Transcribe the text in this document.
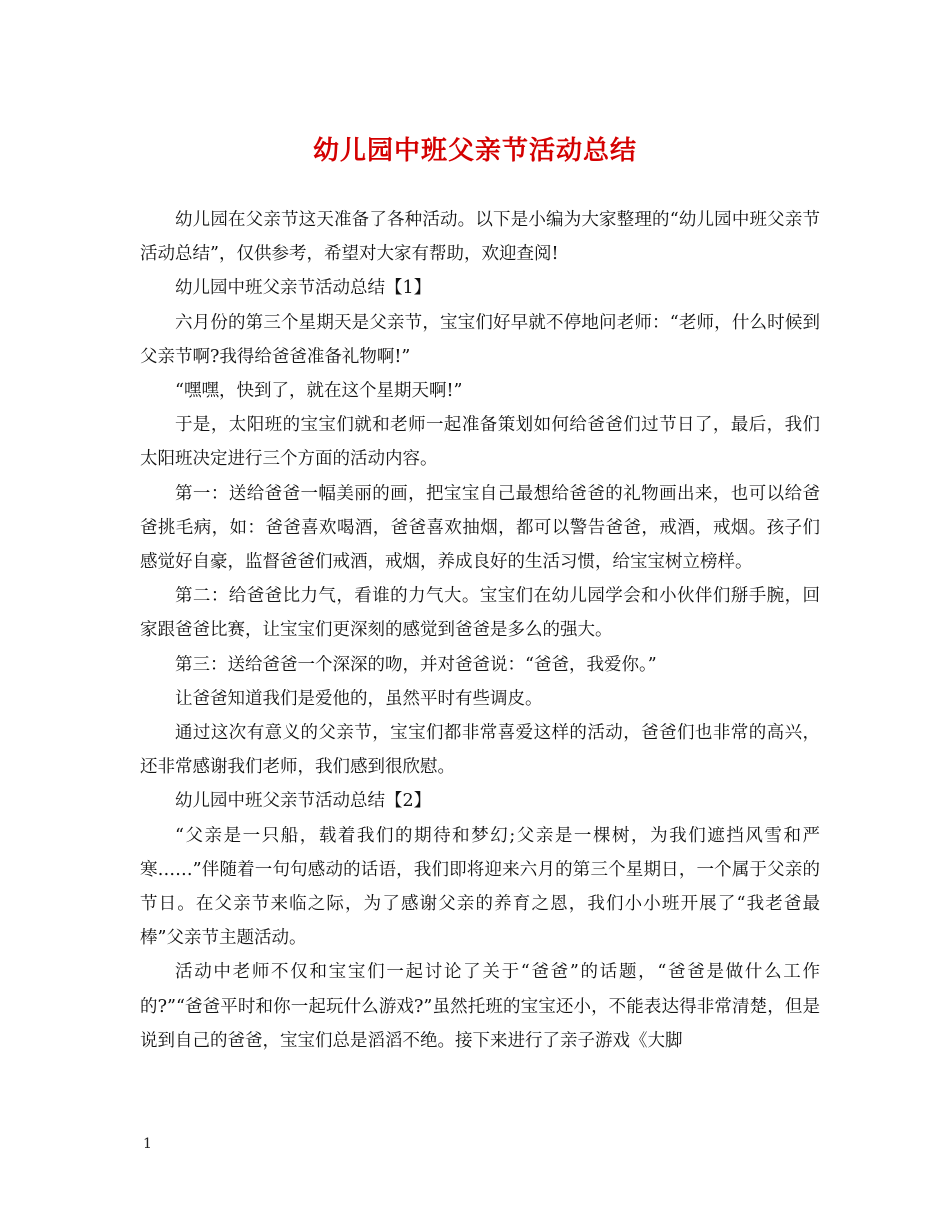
幼儿园中班父亲节活动总结

幼儿园在父亲节这天准备了各种活动。以下是小编为大家整理的“幼儿园中班父亲节活动总结”，仅供参考，希望对大家有帮助，欢迎查阅!

幼儿园中班父亲节活动总结【1】

六月份的第三个星期天是父亲节，宝宝们好早就不停地问老师：“老师，什么时候到父亲节啊?我得给爸爸准备礼物啊!”

“嘿嘿，快到了，就在这个星期天啊!”

于是，太阳班的宝宝们就和老师一起准备策划如何给爸爸们过节日了，最后，我们太阳班决定进行三个方面的活动内容。

第一：送给爸爸一幅美丽的画，把宝宝自己最想给爸爸的礼物画出来，也可以给爸爸挑毛病，如：爸爸喜欢喝酒，爸爸喜欢抽烟，都可以警告爸爸，戒酒，戒烟。孩子们感觉好自豪，监督爸爸们戒酒，戒烟，养成良好的生活习惯，给宝宝树立榜样。

第二：给爸爸比力气，看谁的力气大。宝宝们在幼儿园学会和小伙伴们掰手腕，回家跟爸爸比赛，让宝宝们更深刻的感觉到爸爸是多么的强大。

第三：送给爸爸一个深深的吻，并对爸爸说：“爸爸，我爱你。”

让爸爸知道我们是爱他的，虽然平时有些调皮。

通过这次有意义的父亲节，宝宝们都非常喜爱这样的活动，爸爸们也非常的高兴，还非常感谢我们老师，我们感到很欣慰。

幼儿园中班父亲节活动总结【2】

“父亲是一只船，载着我们的期待和梦幻;父亲是一棵树，为我们遮挡风雪和严寒……”伴随着一句句感动的话语，我们即将迎来六月的第三个星期日，一个属于父亲的节日。在父亲节来临之际，为了感谢父亲的养育之恩，我们小小班开展了“我老爸最棒”父亲节主题活动。

活动中老师不仅和宝宝们一起讨论了关于“爸爸”的话题，“爸爸是做什么工作的?”“爸爸平时和你一起玩什么游戏?”虽然托班的宝宝还小，不能表达得非常清楚，但是说到自己的爸爸，宝宝们总是滔滔不绝。接下来进行了亲子游戏《大脚

1
